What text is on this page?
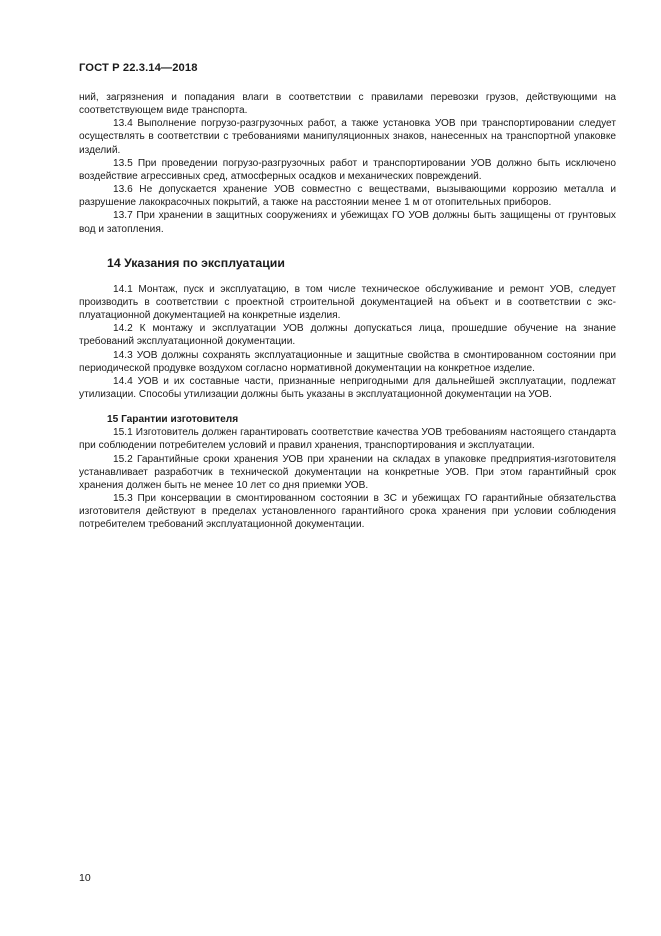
ГОСТ Р 22.3.14—2018

ний, загрязнения и попадания влаги в соответствии с правилами перевозки грузов, действующими на соответствующем виде транспорта.

13.4 Выполнение погрузо-разгрузочных работ, а также установка УОВ при транспортировании следует осуществлять в соответствии с требованиями манипуляционных знаков, нанесенных на транспортной упаковке изделий.

13.5 При проведении погрузо-разгрузочных работ и транспортировании УОВ должно быть исключено воздействие агрессивных сред, атмосферных осадков и механических повреждений.

13.6 Не допускается хранение УОВ совместно с веществами, вызывающими коррозию металла и разрушение лакокрасочных покрытий, а также на расстоянии менее 1 м от отопительных приборов.

13.7 При хранении в защитных сооружениях и убежищах ГО УОВ должны быть защищены от грунтовых вод и затопления.

14 Указания по эксплуатации

14.1 Монтаж, пуск и эксплуатацию, в том числе техническое обслуживание и ремонт УОВ, следует производить в соответствии с проектной строительной документацией на объект и в соответствии с эксплуатационной документацией на конкретные изделия.

14.2 К монтажу и эксплуатации УОВ должны допускаться лица, прошедшие обучение на знание требований эксплуатационной документации.

14.3 УОВ должны сохранять эксплуатационные и защитные свойства в смонтированном состоянии при периодической продувке воздухом согласно нормативной документации на конкретное изделие.

14.4 УОВ и их составные части, признанные непригодными для дальнейшей эксплуатации, подлежат утилизации. Способы утилизации должны быть указаны в эксплуатационной документации на УОВ.

15 Гарантии изготовителя

15.1 Изготовитель должен гарантировать соответствие качества УОВ требованиям настоящего стандарта при соблюдении потребителем условий и правил хранения, транспортирования и эксплуатации.

15.2 Гарантийные сроки хранения УОВ при хранении на складах в упаковке предприятия-изготовителя устанавливает разработчик в технической документации на конкретные УОВ. При этом гарантийный срок хранения должен быть не менее 10 лет со дня приемки УОВ.

15.3 При консервации в смонтированном состоянии в ЗС и убежищах ГО гарантийные обязательства изготовителя действуют в пределах установленного гарантийного срока хранения при условии соблюдения потребителем требований эксплуатационной документации.

10
